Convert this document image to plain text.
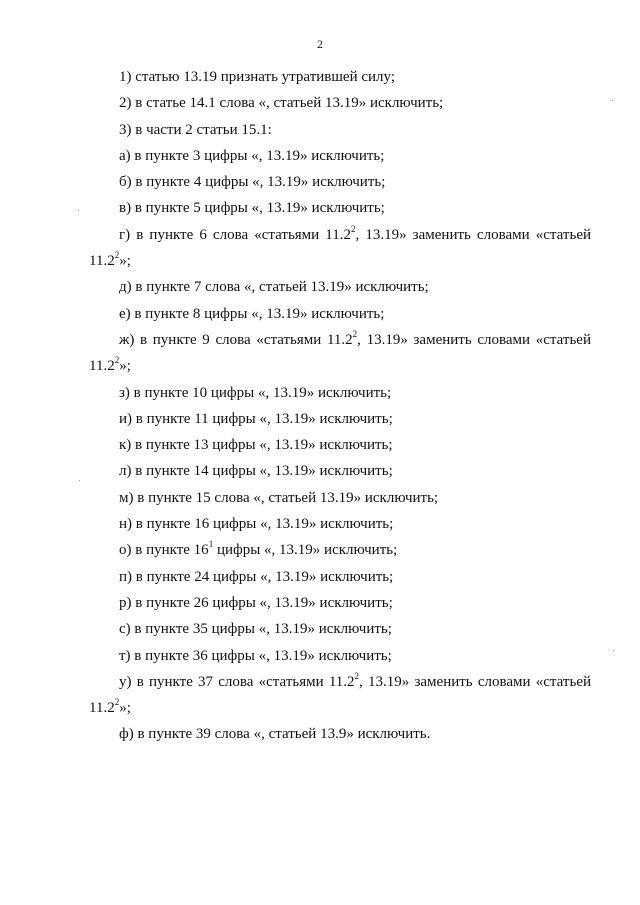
2

1) статью 13.19 признать утратившей силу;

2) в статье 14.1 слова «, статьей 13.19» исключить;

3) в части 2 статьи 15.1:

а) в пункте 3 цифры «, 13.19» исключить;

б) в пункте 4 цифры «, 13.19» исключить;

в) в пункте 5 цифры «, 13.19» исключить;

г) в пункте 6 слова «статьями 11.2$^2$, 13.19» заменить словами «статьей
11.2$^2$»;

д) в пункте 7 слова «, статьей 13.19» исключить;

е) в пункте 8 цифры «, 13.19» исключить;

ж) в пункте 9 слова «статьями 11.2$^2$, 13.19» заменить словами «статьей
11.2$^2$»;

з) в пункте 10 цифры «, 13.19» исключить;

и) в пункте 11 цифры «, 13.19» исключить;

к) в пункте 13 цифры «, 13.19» исключить;

л) в пункте 14 цифры «, 13.19» исключить;

м) в пункте 15 слова «, статьей 13.19» исключить;

н) в пункте 16 цифры «, 13.19» исключить;

о) в пункте $16^1$ цифры «, 13.19» исключить;

п) в пункте 24 цифры «, 13.19» исключить;

р) в пункте 26 цифры «, 13.19» исключить;

с) в пункте 35 цифры «, 13.19» исключить;

т) в пункте 36 цифры «, 13.19» исключить;

у) в пункте 37 слова «статьями 11.2$^2$, 13.19» заменить словами «статьей
11.2$^2$»;

ф) в пункте 39 слова «, статьей 13.9» исключить.
